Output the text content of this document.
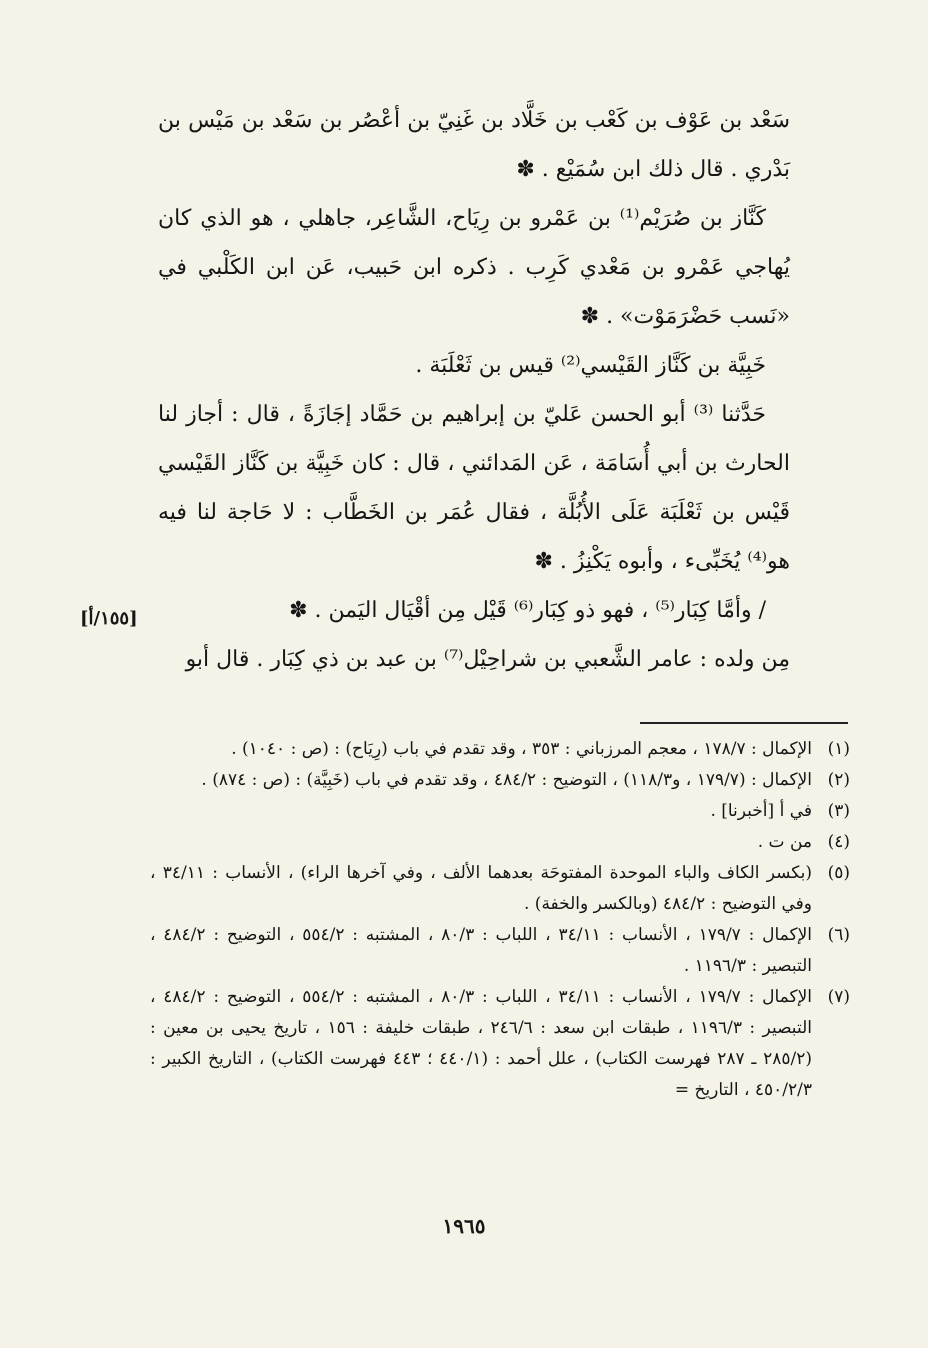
سَعْد بن عَوْف بن كَعْب بن خَلَّاد بن غَنِيّ بن أعْصُر بن سَعْد بن مَيْس بن بَدْري . قال ذلك ابن سُمَيْع . ✽

كَنَّاز بن صُرَيْم⁽¹⁾ بن عَمْرو بن رِيَاح، الشَّاعِر، جاهلي ، هو الذي كان يُهاجي عَمْرو بن مَعْدي كَرِب . ذكره ابن حَبيب، عَن ابن الكَلْبي في «نَسب حَضْرَمَوْت» . ✽

خَبِيَّة بن كَنَّاز القَيْسي⁽²⁾ قيس بن ثَعْلَبَة .

حَدَّثنا ⁽³⁾ أبو الحسن عَليّ بن إبراهيم بن حَمَّاد إجَازَةً ، قال : أجاز لنا الحارث بن أبي أُسَامَة ، عَن المَدائني ، قال : كان خَبِيَّة بن كَنَّاز القَيْسي قَيْس بن ثَعْلَبَة عَلَى الأُبُلَّة ، فقال عُمَر بن الخَطَّاب : لا حَاجة لنا فيه هو⁽⁴⁾ يُخَبِّىء ، وأبوه يَكْنِزُ . ✽

/ وأمَّا كِبَار⁽⁵⁾ ، فهو ذو كِبَار⁽⁶⁾ قَيْل مِن أقْيَال اليَمن . ✽

مِن ولده : عامر الشَّعبي بن شراحِيْل⁽⁷⁾ بن عبد بن ذي كِبَار . قال أبو

[١٥٥/أ]

(١)
الإكمال : ١٧٨/٧ ، معجم المرزباني : ٣٥٣ ، وقد تقدم في باب (رِيَاح) : (ص : ١٠٤٠) .

(٢)
الإكمال : (١٧٩/٧ ، و١١٨/٣) ، التوضيح : ٤٨٤/٢ ، وقد تقدم في باب (خَبِيَّة) : (ص : ٨٧٤) .

(٣)
في أ [أخبرنا] .

(٤)
من ت .

(٥)
(بكسر الكاف والباء الموحدة المفتوحَة بعدهما الألف ، وفي آخرها الراء) ، الأنساب : ٣٤/١١ ، وفي التوضيح : ٤٨٤/٢ (وبالكسر والخفة) .

(٦)
الإكمال : ١٧٩/٧ ، الأنساب : ٣٤/١١ ، اللباب : ٨٠/٣ ، المشتبه : ٥٥٤/٢ ، التوضيح : ٤٨٤/٢ ، التبصير : ١١٩٦/٣ .

(٧)
الإكمال : ١٧٩/٧ ، الأنساب : ٣٤/١١ ، اللباب : ٨٠/٣ ، المشتبه : ٥٥٤/٢ ، التوضيح : ٤٨٤/٢ ، التبصير : ١١٩٦/٣ ، طبقات ابن سعد : ٢٤٦/٦ ، طبقات خليفة : ١٥٦ ، تاريخ يحيى بن معين : (٢٨٥/٢ ـ ٢٨٧ فهرست الكتاب) ، علل أحمد : (٤٤٠/١ ؛ ٤٤٣ فهرست الكتاب) ، التاريخ الكبير : ٤٥٠/٢/٣ ، التاريخ =

١٩٦٥
